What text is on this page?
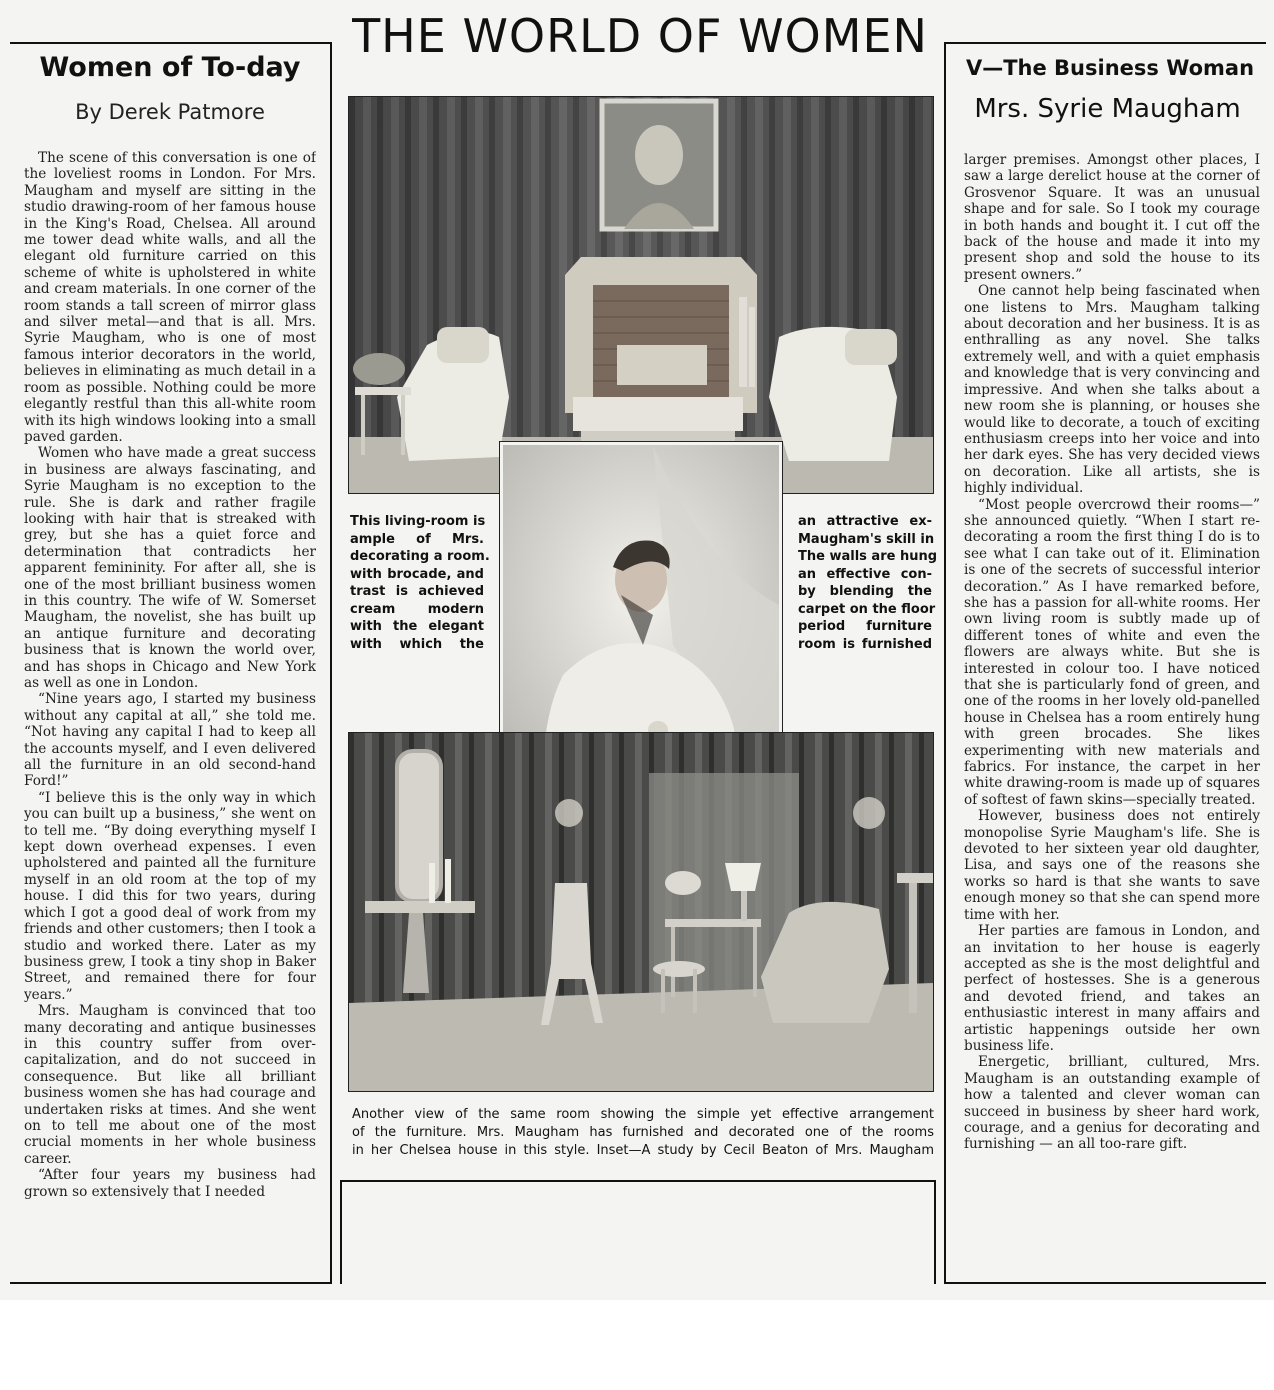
THE WORLD OF WOMEN
Women of To-day
By Derek Patmore
V—The Business Woman
Mrs. Syrie Maugham

The scene of this conversation is one of the loveliest rooms in London. For Mrs. Maugham and myself are sitting in the studio drawing-room of her famous house in the King's Road, Chelsea. All around me tower dead white walls, and all the elegant old furniture carried on this scheme of white is upholstered in white and cream materials. In one corner of the room stands a tall screen of mirror glass and silver metal—and that is all. Mrs. Syrie Maugham, who is one of most famous interior decorators in the world, believes in eliminating as much detail in a room as possible. Nothing could be more elegantly restful than this all-white room with its high windows looking into a small paved garden.

Women who have made a great success in business are always fascinating, and Syrie Maugham is no exception to the rule. She is dark and rather fragile looking with hair that is streaked with grey, but she has a quiet force and determination that contradicts her apparent femininity. For after all, she is one of the most brilliant business women in this country. The wife of W. Somerset Maugham, the novelist, she has built up an antique furniture and decorating business that is known the world over, and has shops in Chicago and New York as well as one in London.

“Nine years ago, I started my business without any capital at all,” she told me. “Not having any capital I had to keep all the accounts myself, and I even delivered all the furniture in an old second-hand Ford!”

“I believe this is the only way in which you can built up a business,” she went on to tell me. “By doing everything myself I kept down overhead expenses. I even upholstered and painted all the furniture myself in an old room at the top of my house. I did this for two years, during which I got a good deal of work from my friends and other customers; then I took a studio and worked there. Later as my business grew, I took a tiny shop in Baker Street, and remained there for four years.”

Mrs. Maugham is convinced that too many decorating and antique businesses in this country suffer from over-capitalization, and do not succeed in consequence. But like all brilliant business women she has had courage and undertaken risks at times. And she went on to tell me about one of the most crucial moments in her whole business career.

“After four years my business had grown so extensively that I needed

larger premises. Amongst other places, I saw a large derelict house at the corner of Grosvenor Square. It was an unusual shape and for sale. So I took my courage in both hands and bought it. I cut off the back of the house and made it into my present shop and sold the house to its present owners.”

One cannot help being fascinated when one listens to Mrs. Maugham talking about decoration and her business. It is as enthralling as any novel. She talks extremely well, and with a quiet emphasis and knowledge that is very convincing and impressive. And when she talks about a new room she is planning, or houses she would like to decorate, a touch of exciting enthusiasm creeps into her voice and into her dark eyes. She has very decided views on decoration. Like all artists, she is highly individual.

“Most people overcrowd their rooms—” she announced quietly. “When I start re-decorating a room the first thing I do is to see what I can take out of it. Elimination is one of the secrets of successful interior decoration.” As I have remarked before, she has a passion for all-white rooms. Her own living room is subtly made up of different tones of white and even the flowers are always white. But she is interested in colour too. I have noticed that she is particularly fond of green, and one of the rooms in her lovely old-panelled house in Chelsea has a room entirely hung with green brocades. She likes experimenting with new materials and fabrics. For instance, the carpet in her white drawing-room is made up of squares of softest of fawn skins—specially treated.

However, business does not entirely monopolise Syrie Maugham's life. She is devoted to her sixteen year old daughter, Lisa, and says one of the reasons she works so hard is that she wants to save enough money so that she can spend more time with her.

Her parties are famous in London, and an invitation to her house is eagerly accepted as she is the most delightful and perfect of hostesses. She is a generous and devoted friend, and takes an enthusiastic interest in many affairs and artistic happenings outside her own business life.

Energetic, brilliant, cultured, Mrs. Maugham is an outstanding example of how a talented and clever woman can succeed in business by sheer hard work, courage, and a genius for decorating and furnishing — an all too-rare gift.

This living-room is
ample of Mrs.
decorating a room.
with brocade, and
trast is achieved
cream modern
with the elegant
with which the
an attractive ex-
Maugham's skill in
The walls are hung
an effective con-
by blending the
carpet on the floor
period furniture
room is furnished
Another view of the same room showing the simple yet effective arrangement
of the furniture. Mrs. Maugham has furnished and decorated one of the rooms
in her Chelsea house in this style. Inset—A study by Cecil Beaton of Mrs. Maugham
